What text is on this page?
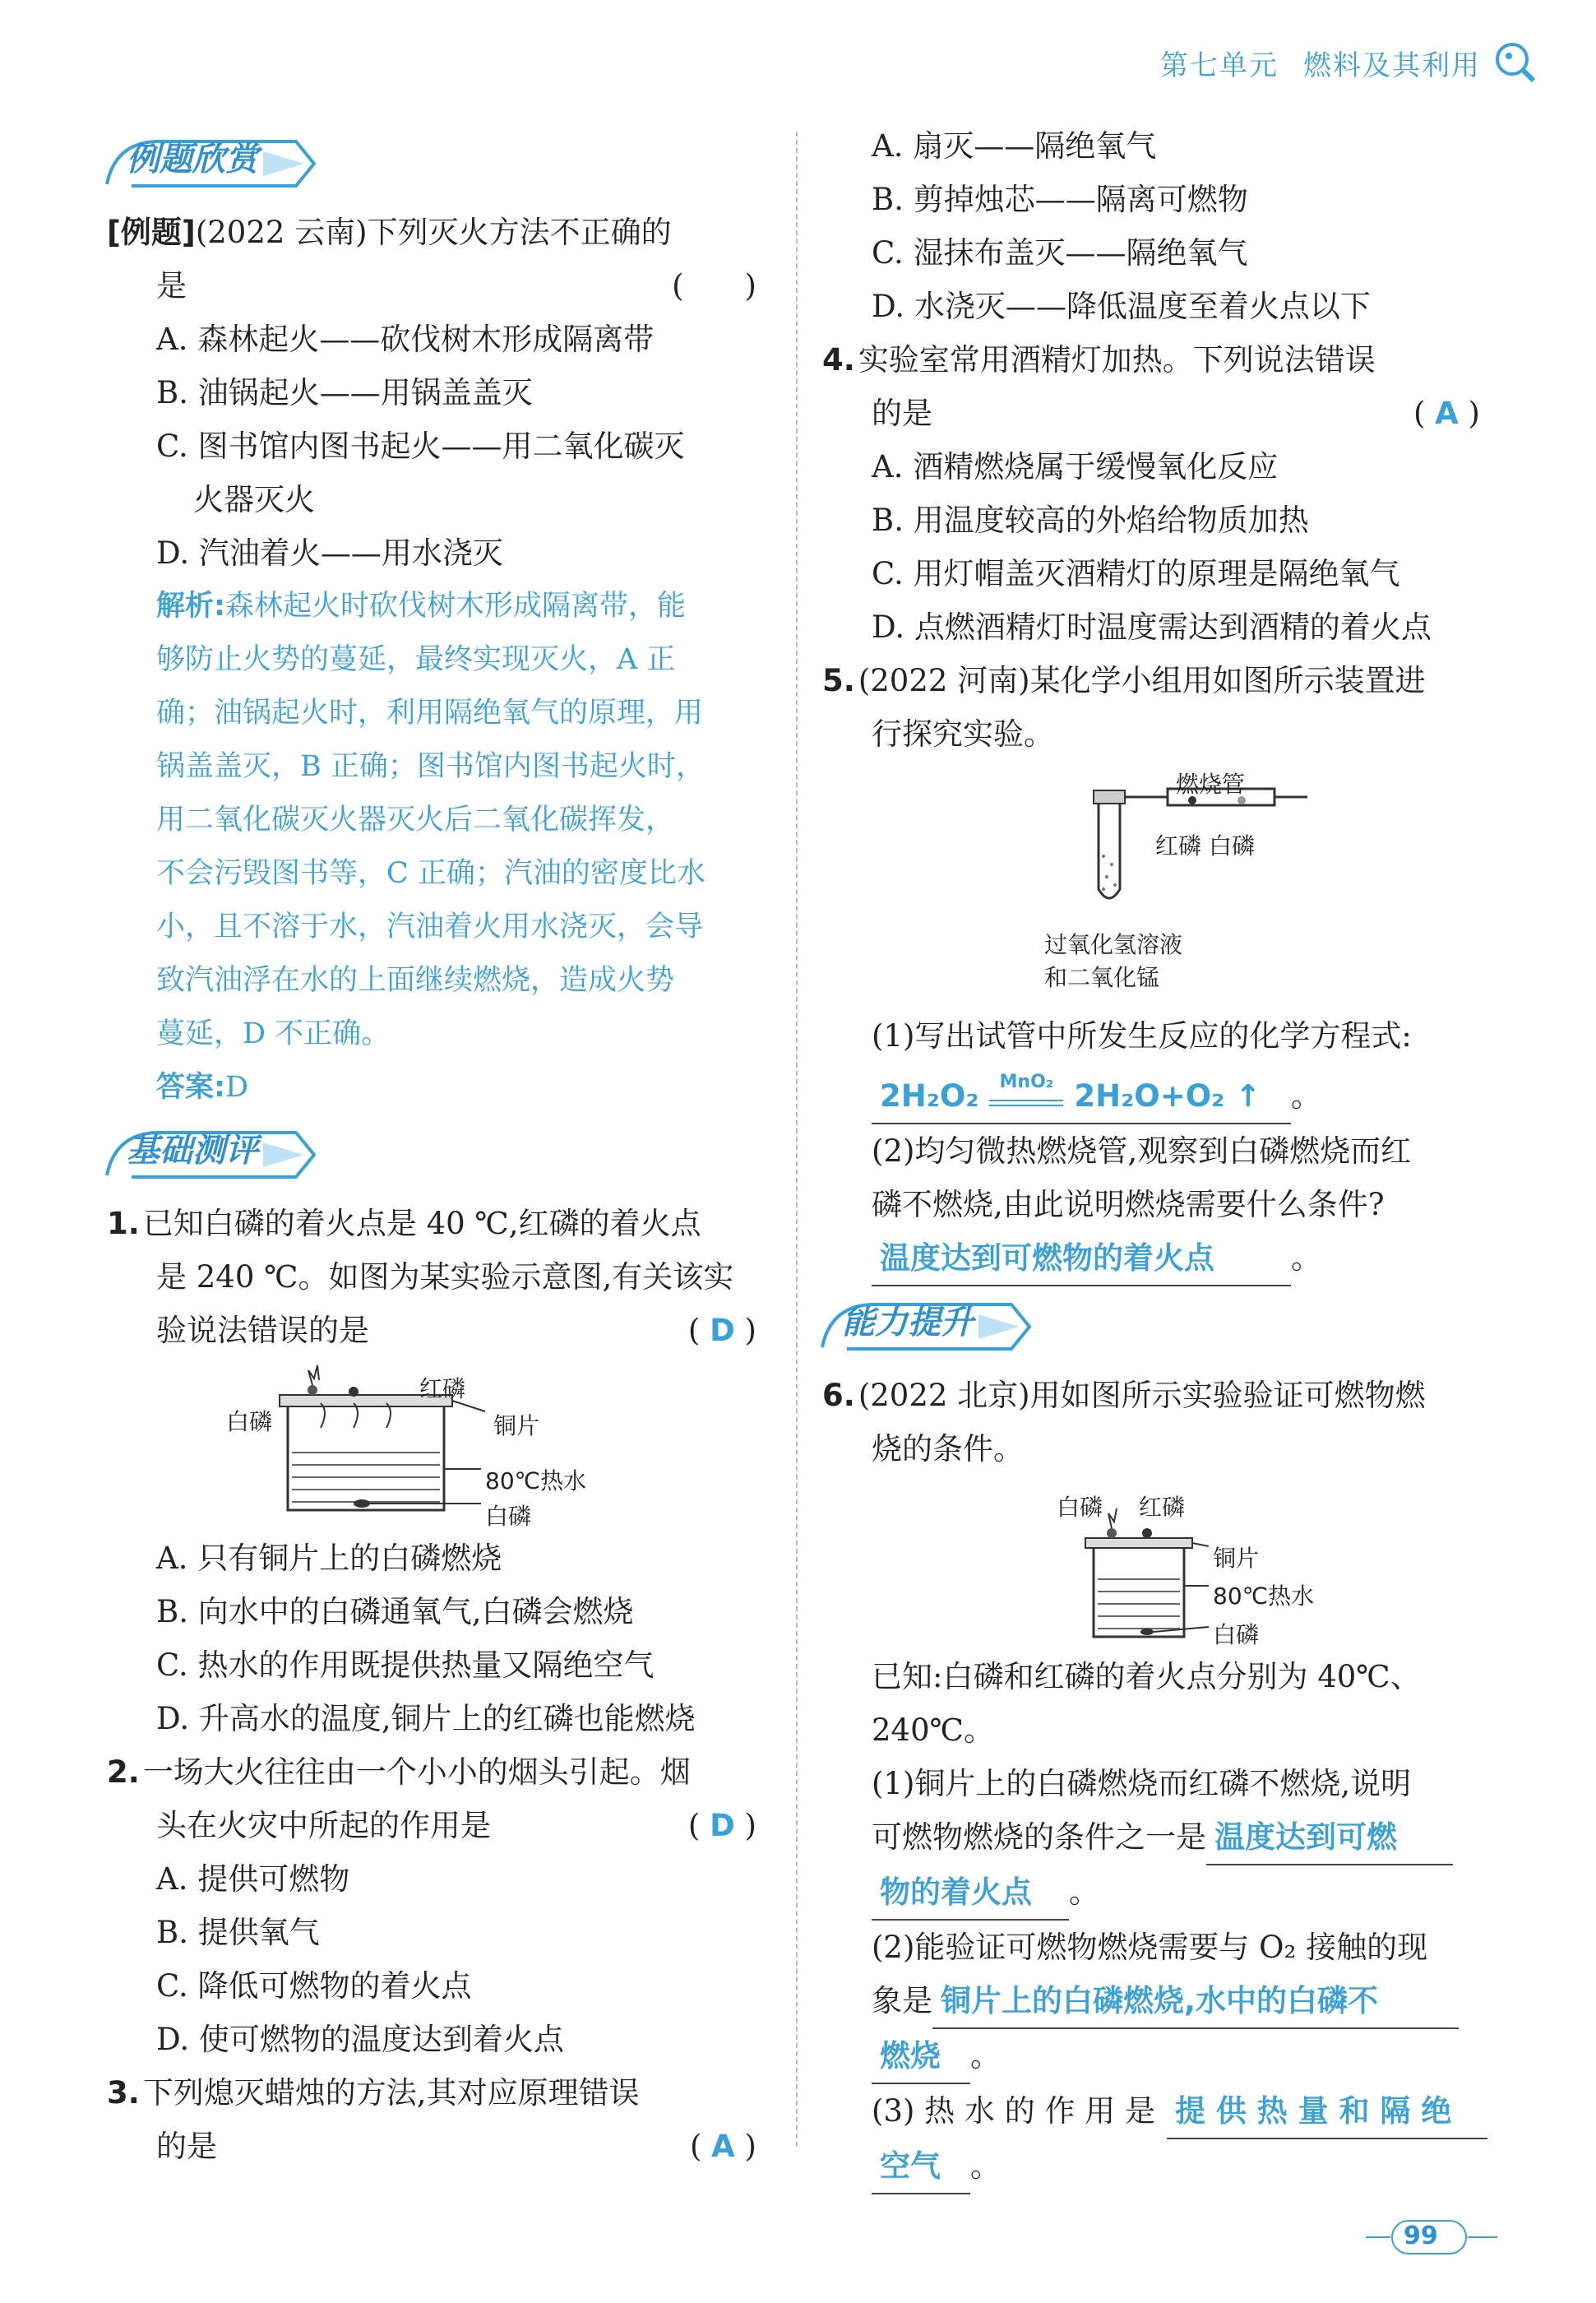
第七单元 燃料及其利用
例题欣赏
[例题](2022 云南)下列灭火方法不正确的
是	(　　)
A. 森林起火——砍伐树木形成隔离带
B. 油锅起火——用锅盖盖灭
C. 图书馆内图书起火——用二氧化碳灭
火器灭火
D. 汽油着火——用水浇灭
解析:森林起火时砍伐树木形成隔离带，能
够防止火势的蔓延，最终实现灭火，A 正
确；油锅起火时，利用隔绝氧气的原理，用
锅盖盖灭，B 正确；图书馆内图书起火时，
用二氧化碳灭火器灭火后二氧化碳挥发，
不会污毁图书等，C 正确；汽油的密度比水
小，且不溶于水，汽油着火用水浇灭，会导
致汽油浮在水的上面继续燃烧，造成火势
蔓延，D 不正确。
答案:D
基础测评
1. 已知白磷的着火点是 40 ℃,红磷的着火点
是 240 ℃。如图为某实验示意图,有关该实
验说法错误的是	( D )
红磷
白磷	铜片
80℃热水
白磷
A. 只有铜片上的白磷燃烧
B. 向水中的白磷通氧气,白磷会燃烧
C. 热水的作用既提供热量又隔绝空气
D. 升高水的温度,铜片上的红磷也能燃烧
2. 一场大火往往由一个小小的烟头引起。烟
头在火灾中所起的作用是	( D )
A. 提供可燃物
B. 提供氧气
C. 降低可燃物的着火点
D. 使可燃物的温度达到着火点
3. 下列熄灭蜡烛的方法,其对应原理错误
的是	( A )
A. 扇灭——隔绝氧气
B. 剪掉烛芯——隔离可燃物
C. 湿抹布盖灭——隔绝氧气
D. 水浇灭——降低温度至着火点以下
4. 实验室常用酒精灯加热。下列说法错误
的是	( A )
A. 酒精燃烧属于缓慢氧化反应
B. 用温度较高的外焰给物质加热
C. 用灯帽盖灭酒精灯的原理是隔绝氧气
D. 点燃酒精灯时温度需达到酒精的着火点
5. (2022 河南)某化学小组用如图所示装置进
行探究实验。
燃烧管
红磷 白磷
过氧化氢溶液
和二氧化锰
(1)写出试管中所发生反应的化学方程式:
2H₂O₂	MnO₂ 2H₂O+O₂ ↑ 。
(2)均匀微热燃烧管,观察到白磷燃烧而红
磷不燃烧,由此说明燃烧需要什么条件?
温度达到可燃物的着火点	。
能力提升
6. (2022 北京)用如图所示实验验证可燃物燃
烧的条件。
白磷 红磷
铜片
80℃热水
白磷
已知:白磷和红磷的着火点分别为 40℃、
240℃。
(1)铜片上的白磷燃烧而红磷不燃烧,说明
可燃物燃烧的条件之一是 温度达到可燃
物的着火点 。
(2)能验证可燃物燃烧需要与 O₂ 接触的现
象是 铜片上的白磷燃烧,水中的白磷不
燃烧 。
(3) 热 水 的 作 用 是 提 供 热 量 和 隔 绝
空气 。
99
